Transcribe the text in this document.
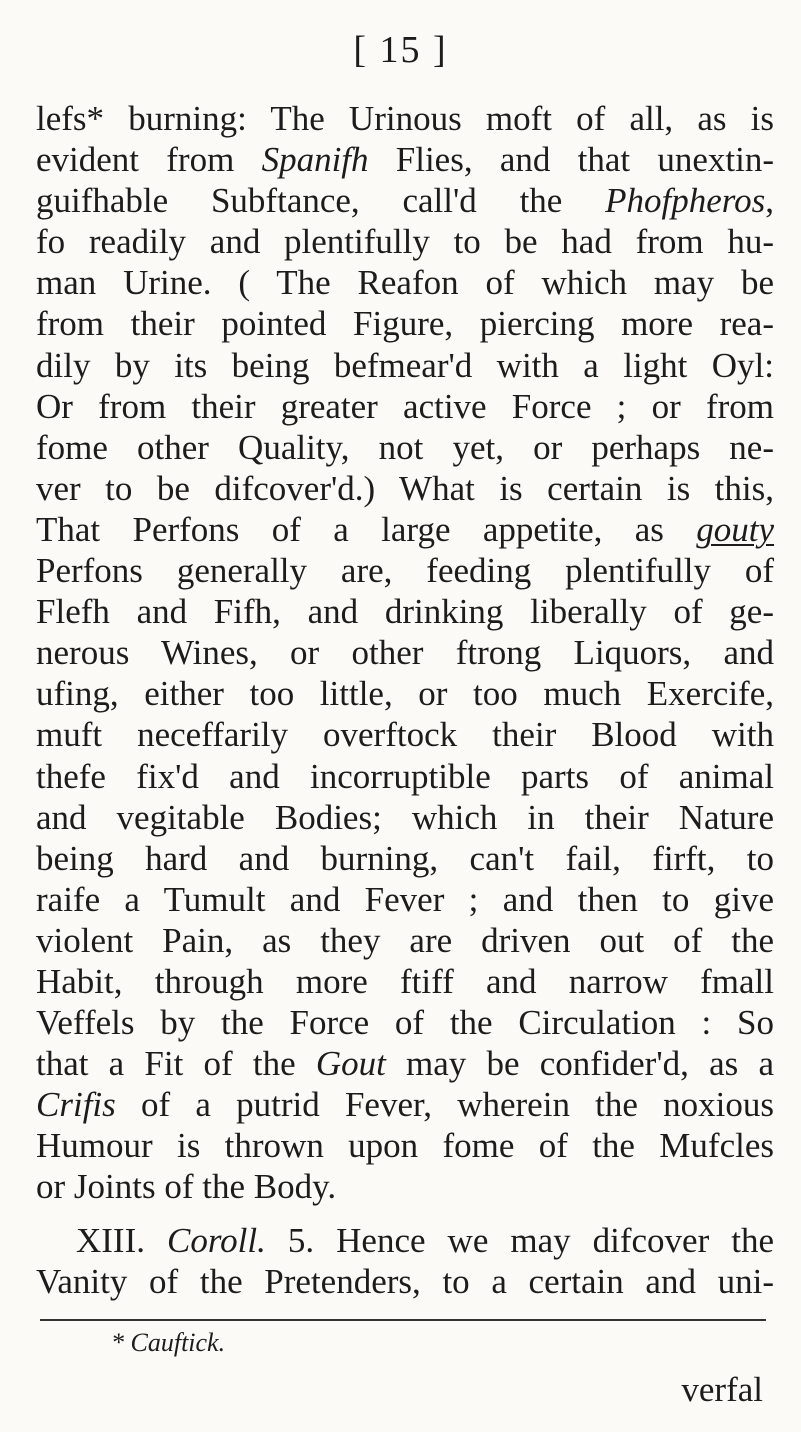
[ 15 ]
lefs* burning: The Urinous moft of all, as is
evident from Spanifh Flies, and that unextin-
guifhable Subftance, call'd the Phofpheros,
fo readily and plentifully to be had from hu-
man Urine. ( The Reafon of which may be
from their pointed Figure, piercing more rea-
dily by its being befmear'd with a light Oyl:
Or from their greater active Force ; or from
fome other Quality, not yet, or perhaps ne-
ver to be difcover'd.) What is certain is this,
That Perfons of a large appetite, as gouty
Perfons generally are, feeding plentifully of
Flefh and Fifh, and drinking liberally of ge-
nerous Wines, or other ftrong Liquors, and
ufing, either too little, or too much Exercife,
muft neceffarily overftock their Blood with
thefe fix'd and incorruptible parts of animal
and vegitable Bodies; which in their Nature
being hard and burning, can't fail, firft, to
raife a Tumult and Fever ; and then to give
violent Pain, as they are driven out of the
Habit, through more ftiff and narrow fmall
Veffels by the Force of the Circulation : So
that a Fit of the Gout may be confider'd, as a
Crifis of a putrid Fever, wherein the noxious
Humour is thrown upon fome of the Mufcles
or Joints of the Body.
XIII. Coroll. 5. Hence we may difcover the
Vanity of the Pretenders, to a certain and uni-
* Cauftick.
verfal
